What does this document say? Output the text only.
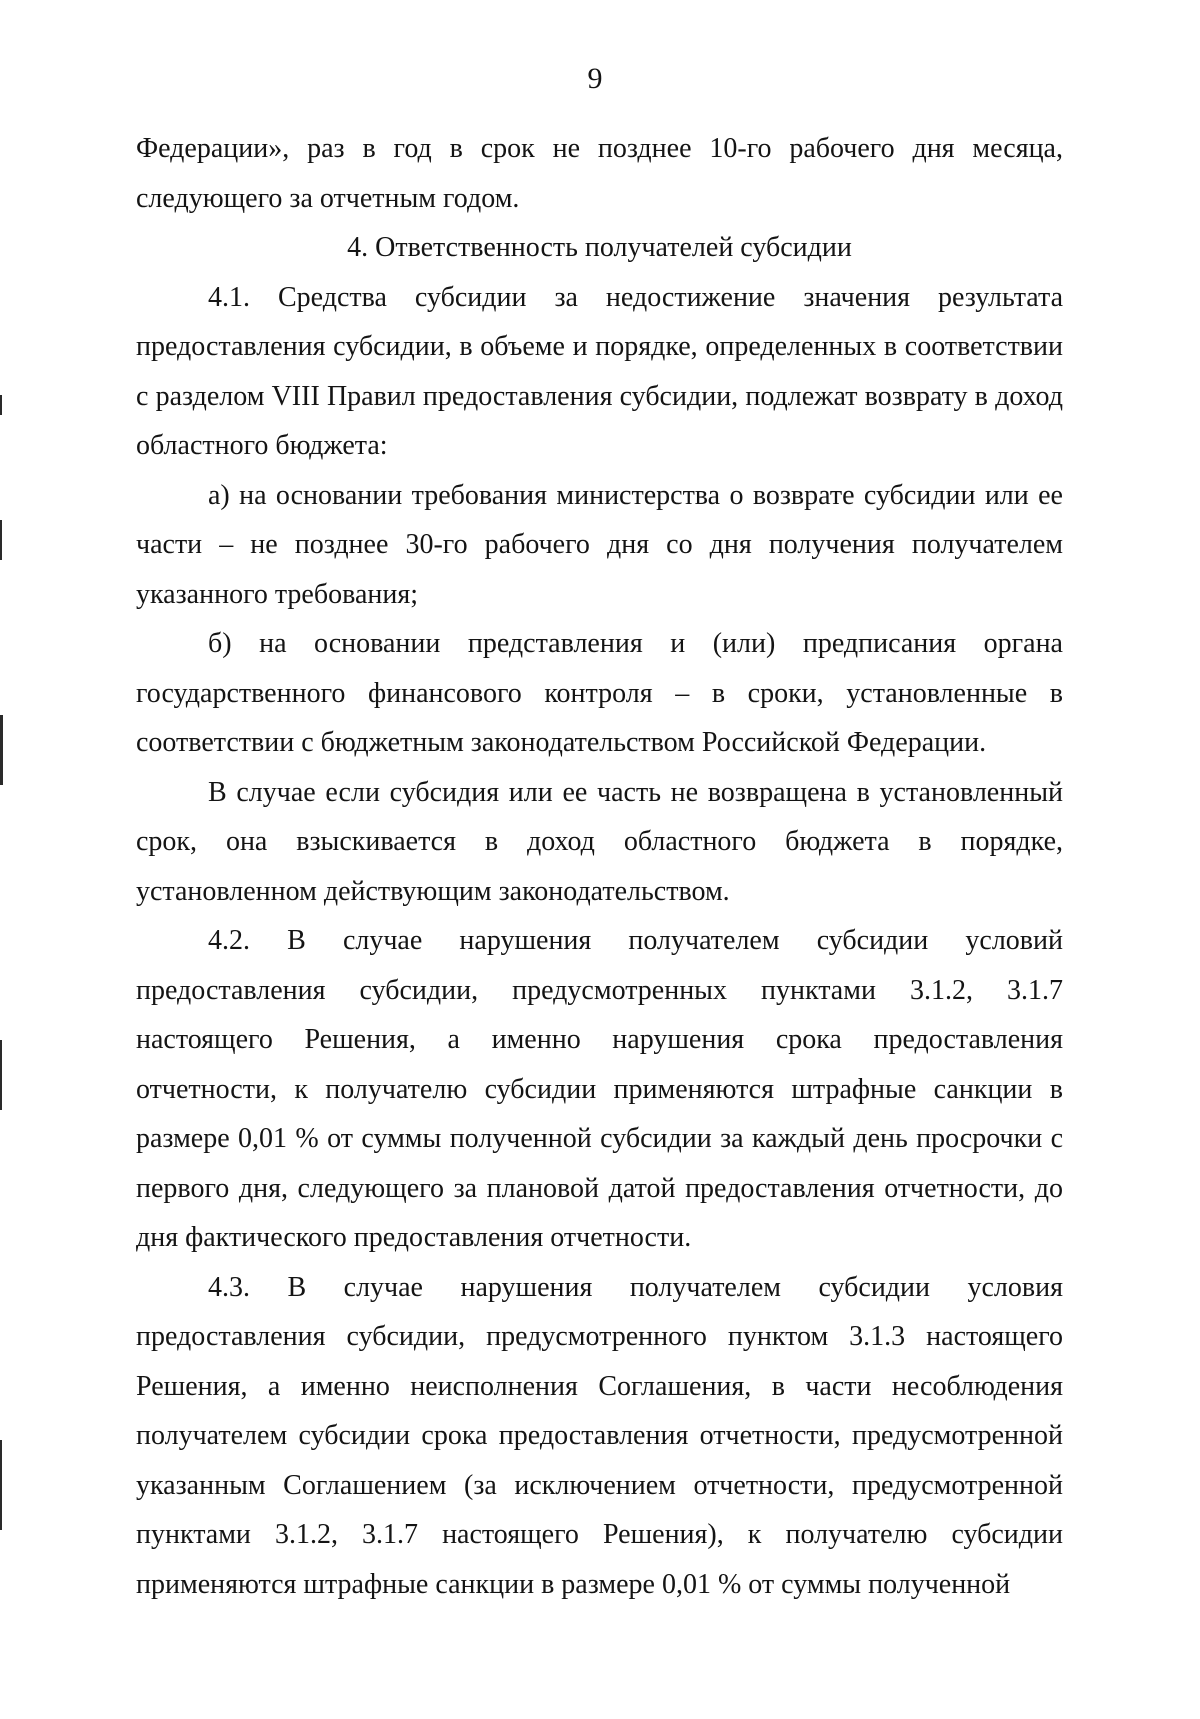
9

Федерации», раз в год в срок не позднее 10-го рабочего дня месяца, следующего за отчетным годом.

4. Ответственность получателей субсидии

4.1. Средства субсидии за недостижение значения результата предоставления субсидии, в объеме и порядке, определенных в соответствии с разделом VIII Правил предоставления субсидии, подлежат возврату в доход областного бюджета:

а) на основании требования министерства о возврате субсидии или ее части – не позднее 30-го рабочего дня со дня получения получателем указанного требования;

б) на основании представления и (или) предписания органа государственного финансового контроля – в сроки, установленные в соответствии с бюджетным законодательством Российской Федерации.

В случае если субсидия или ее часть не возвращена в установленный срок, она взыскивается в доход областного бюджета в порядке, установленном действующим законодательством.

4.2. В случае нарушения получателем субсидии условий предоставления субсидии, предусмотренных пунктами 3.1.2, 3.1.7 настоящего Решения, а именно нарушения срока предоставления отчетности, к получателю субсидии применяются штрафные санкции в размере 0,01 % от суммы полученной субсидии за каждый день просрочки с первого дня, следующего за плановой датой предоставления отчетности, до дня фактического предоставления отчетности.

4.3. В случае нарушения получателем субсидии условия предоставления субсидии, предусмотренного пунктом 3.1.3 настоящего Решения, а именно неисполнения Соглашения, в части несоблюдения получателем субсидии срока предоставления отчетности, предусмотренной указанным Соглашением (за исключением отчетности, предусмотренной пунктами 3.1.2, 3.1.7 настоящего Решения), к получателю субсидии применяются штрафные санкции в размере 0,01 % от суммы полученной
